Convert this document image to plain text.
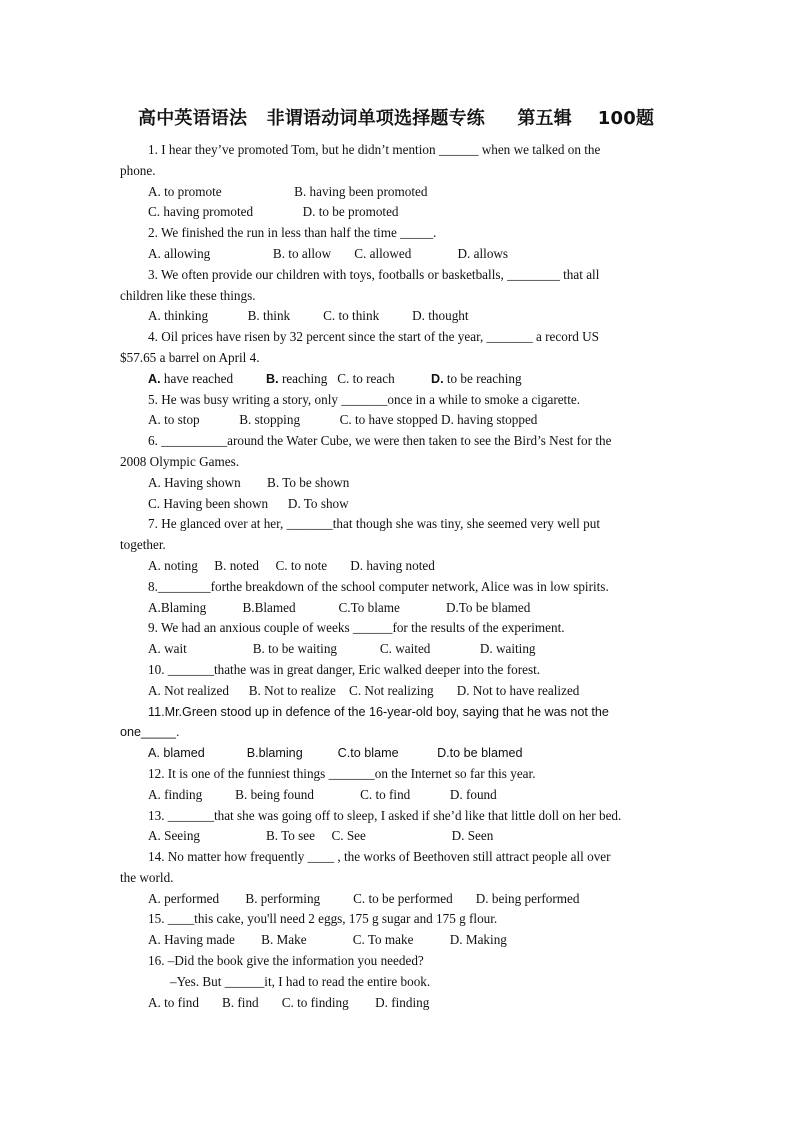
高中英语语法   非谓语动词单项选择题专练     第五辑    100题

1. I hear they’ve promoted Tom, but he didn’t mention ______ when we talked on the
phone.

A. to promote                      B. having been promoted

C. having promoted               D. to be promoted

2. We finished the run in less than half the time _____.

A. allowing                   B. to allow       C. allowed              D. allows

3. We often provide our children with toys, footballs or basketballs, ________ that all
children like these things.

A. thinking            B. think          C. to think          D. thought

4. Oil prices have risen by 32 percent since the start of the year, _______ a record US
$57.65 a barrel on April 4.

A. have reached          B. reaching   C. to reach           D. to be reaching

5. He was busy writing a story, only _______once in a while to smoke a cigarette.

A. to stop            B. stopping            C. to have stopped D. having stopped

6. __________around the Water Cube, we were then taken to see the Bird’s Nest for the
2008 Olympic Games.

A. Having shown        B. To be shown

C. Having been shown      D. To show

7. He glanced over at her, _______that though she was tiny, she seemed very well put
together.

A. noting     B. noted     C. to note       D. having noted

8.________forthe breakdown of the school computer network, Alice was in low spirits.

A.Blaming           B.Blamed             C.To blame              D.To be blamed

9. We had an anxious couple of weeks ______for the results of the experiment.

A. wait                    B. to be waiting             C. waited               D. waiting

10. _______thathe was in great danger, Eric walked deeper into the forest.

A. Not realized      B. Not to realize    C. Not realizing       D. Not to have realized

11.Mr.Green stood up in defence of the 16-year-old boy, saying that he was not the
one_____.

A. blamed            B.blaming          C.to blame           D.to be blamed

12. It is one of the funniest things _______on the Internet so far this year.

A. finding          B. being found              C. to find            D. found

13. _______that she was going off to sleep, I asked if she’d like that little doll on her bed.

A. Seeing                    B. To see     C. See                          D. Seen

14. No matter how frequently ____ , the works of Beethoven still attract people all over
the world.

A. performed        B. performing          C. to be performed       D. being performed

15. ____this cake, you'll need 2 eggs, 175 g sugar and 175 g flour.

A. Having made        B. Make              C. To make           D. Making

16. –Did the book give the information you needed?

–Yes. But ______it, I had to read the entire book.

A. to find       B. find       C. to finding        D. finding
